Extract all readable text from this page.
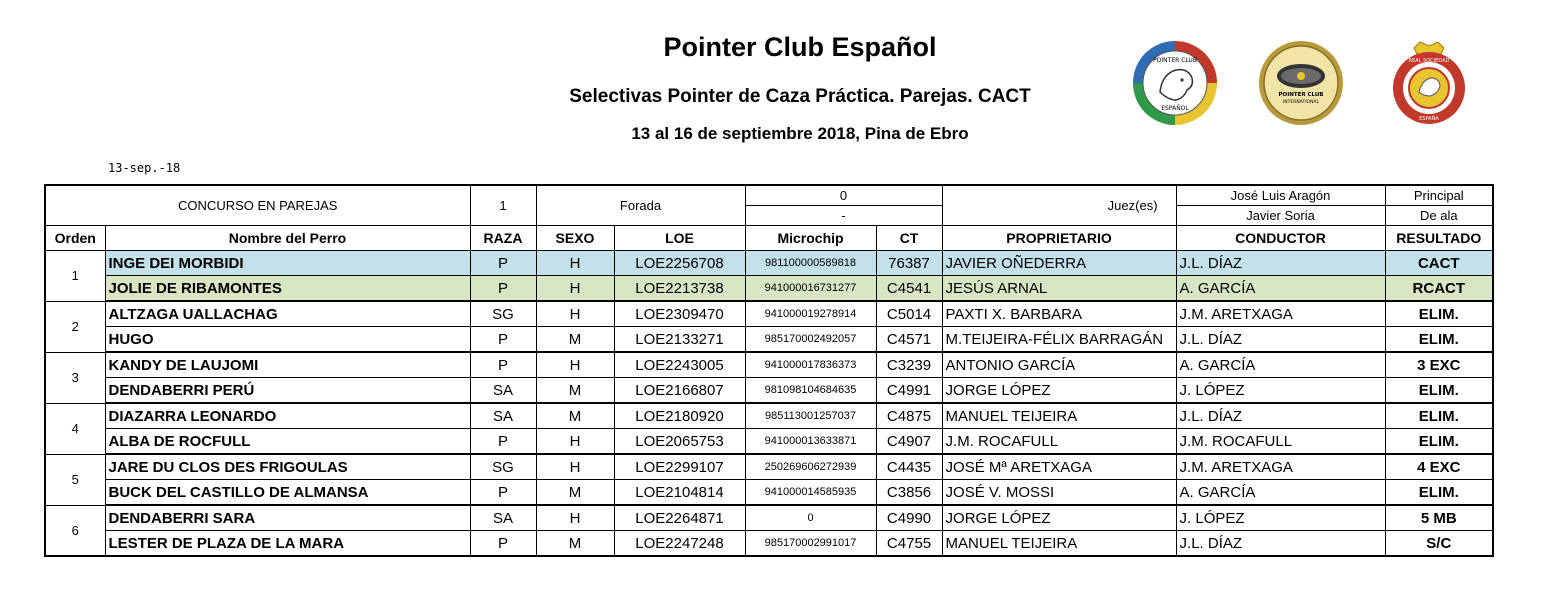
Pointer Club Español
Selectivas Pointer de Caza Práctica. Parejas. CACT
13 al 16 de septiembre 2018, Pina de Ebro
13-sep.-18
POINTER CLUB
ESPAÑOL
POINTER CLUB
INTERNATIONAL
REAL SOCIEDAD
ESPAÑA
CONCURSO EN PAREJAS		1	Forada		0		Juez(es)	José Luis Aragón	Principal
					-			Javier Soria	De ala
Orden	Nombre del Perro	RAZA	SEXO	LOE	Microchip	CT	PROPRIETARIO	CONDUCTOR	RESULTADO
1	INGE DEI MORBIDI	P	H	LOE2256708	981100000589818	76387	JAVIER OÑEDERRA	J.L. DÍAZ	CACT
	JOLIE DE RIBAMONTES	P	H	LOE2213738	941000016731277	C4541	JESÚS ARNAL	A. GARCÍA	RCACT
2	ALTZAGA UALLACHAG	SG	H	LOE2309470	941000019278914	C5014	PAXTI X. BARBARA	J.M. ARETXAGA	ELIM.
	HUGO	P	M	LOE2133271	985170002492057	C4571	M.TEIJEIRA-FÉLIX BARRAGÁN	J.L. DÍAZ	ELIM.
3	KANDY DE LAUJOMI	P	H	LOE2243005	941000017836373	C3239	ANTONIO GARCÍA	A. GARCÍA	3 EXC
	DENDABERRI PERÚ	SA	M	LOE2166807	981098104684635	C4991	JORGE LÓPEZ	J. LÓPEZ	ELIM.
4	DIAZARRA LEONARDO	SA	M	LOE2180920	985113001257037	C4875	MANUEL TEIJEIRA	J.L. DÍAZ	ELIM.
	ALBA DE ROCFULL	P	H	LOE2065753	941000013633871	C4907	J.M. ROCAFULL	J.M. ROCAFULL	ELIM.
5	JARE DU CLOS DES FRIGOULAS	SG	H	LOE2299107	250269606272939	C4435	JOSÉ Mª ARETXAGA	J.M. ARETXAGA	4 EXC
	BUCK DEL CASTILLO DE ALMANSA	P	M	LOE2104814	941000014585935	C3856	JOSÉ V. MOSSI	A. GARCÍA	ELIM.
6	DENDABERRI SARA	SA	H	LOE2264871	0	C4990	JORGE LÓPEZ	J. LÓPEZ	5 MB
	LESTER DE PLAZA DE LA MARA	P	M	LOE2247248	985170002991017	C4755	MANUEL TEIJEIRA	J.L. DÍAZ	S/C
